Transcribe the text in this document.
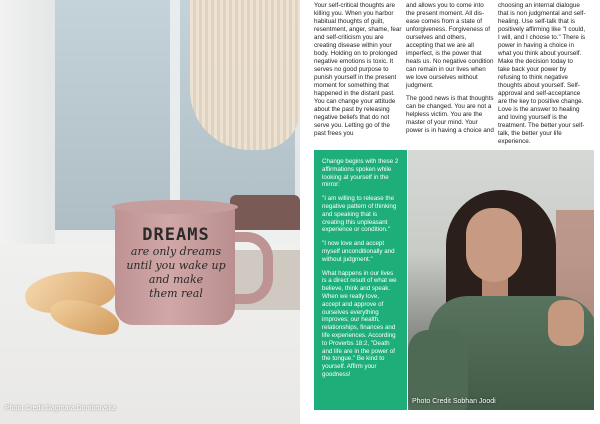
DREAMS
are only dreams
until you wake up
and make
them real
Photo Credit Dagmara Dombrovska

Your self-critical thoughts are killing you. When you harbor habitual thoughts of guilt, resentment, anger, shame, fear and self-criticism you are creating disease within your body. Holding on to prolonged negative emotions is toxic. It serves no good purpose to punish yourself in the present moment for something that happened in the distant past. You can change your attitude about the past by releasing negative beliefs that do not serve you. Letting go of the past frees you

and allows you to come into the present moment. All dis-ease comes from a state of unforgiveness. Forgiveness of ourselves and others, accepting that we are all imperfect, is the power that heals us. No negative condition can remain in our lives when we love ourselves without judgment.

The good news is that thoughts can be changed. You are not a helpless victim. You are the master of your mind. Your power is in having a choice and

choosing an internal dialogue that is non judgmental and self-healing. Use self-talk that is positively affirming like "I could, I will, and I choose to." There is power in having a choice in what you think about yourself. Make the decision today to take back your power by refusing to think negative thoughts about yourself. Self-approval and self-acceptance are the key to positive change. Love is the answer to healing and loving yourself is the treatment. The better your self-talk, the better your life experience.

Change begins with these 2 affirmations spoken while looking at yourself in the mirror:

"I am willing to release the negative pattern of thinking and speaking that is creating this unpleasant experience or condition."

"I now love and accept myself unconditionally and without judgment."

What happens in our lives is a direct result of what we believe, think and speak. When we really love, accept and approve of ourselves everything improves; our health, relationships, finances and life experiences. According to Proverbs 18:2, "Death and life are in the power of the tongue." Be kind to yourself. Affirm your goodness!

Photo Credit Sobhan Joodi
